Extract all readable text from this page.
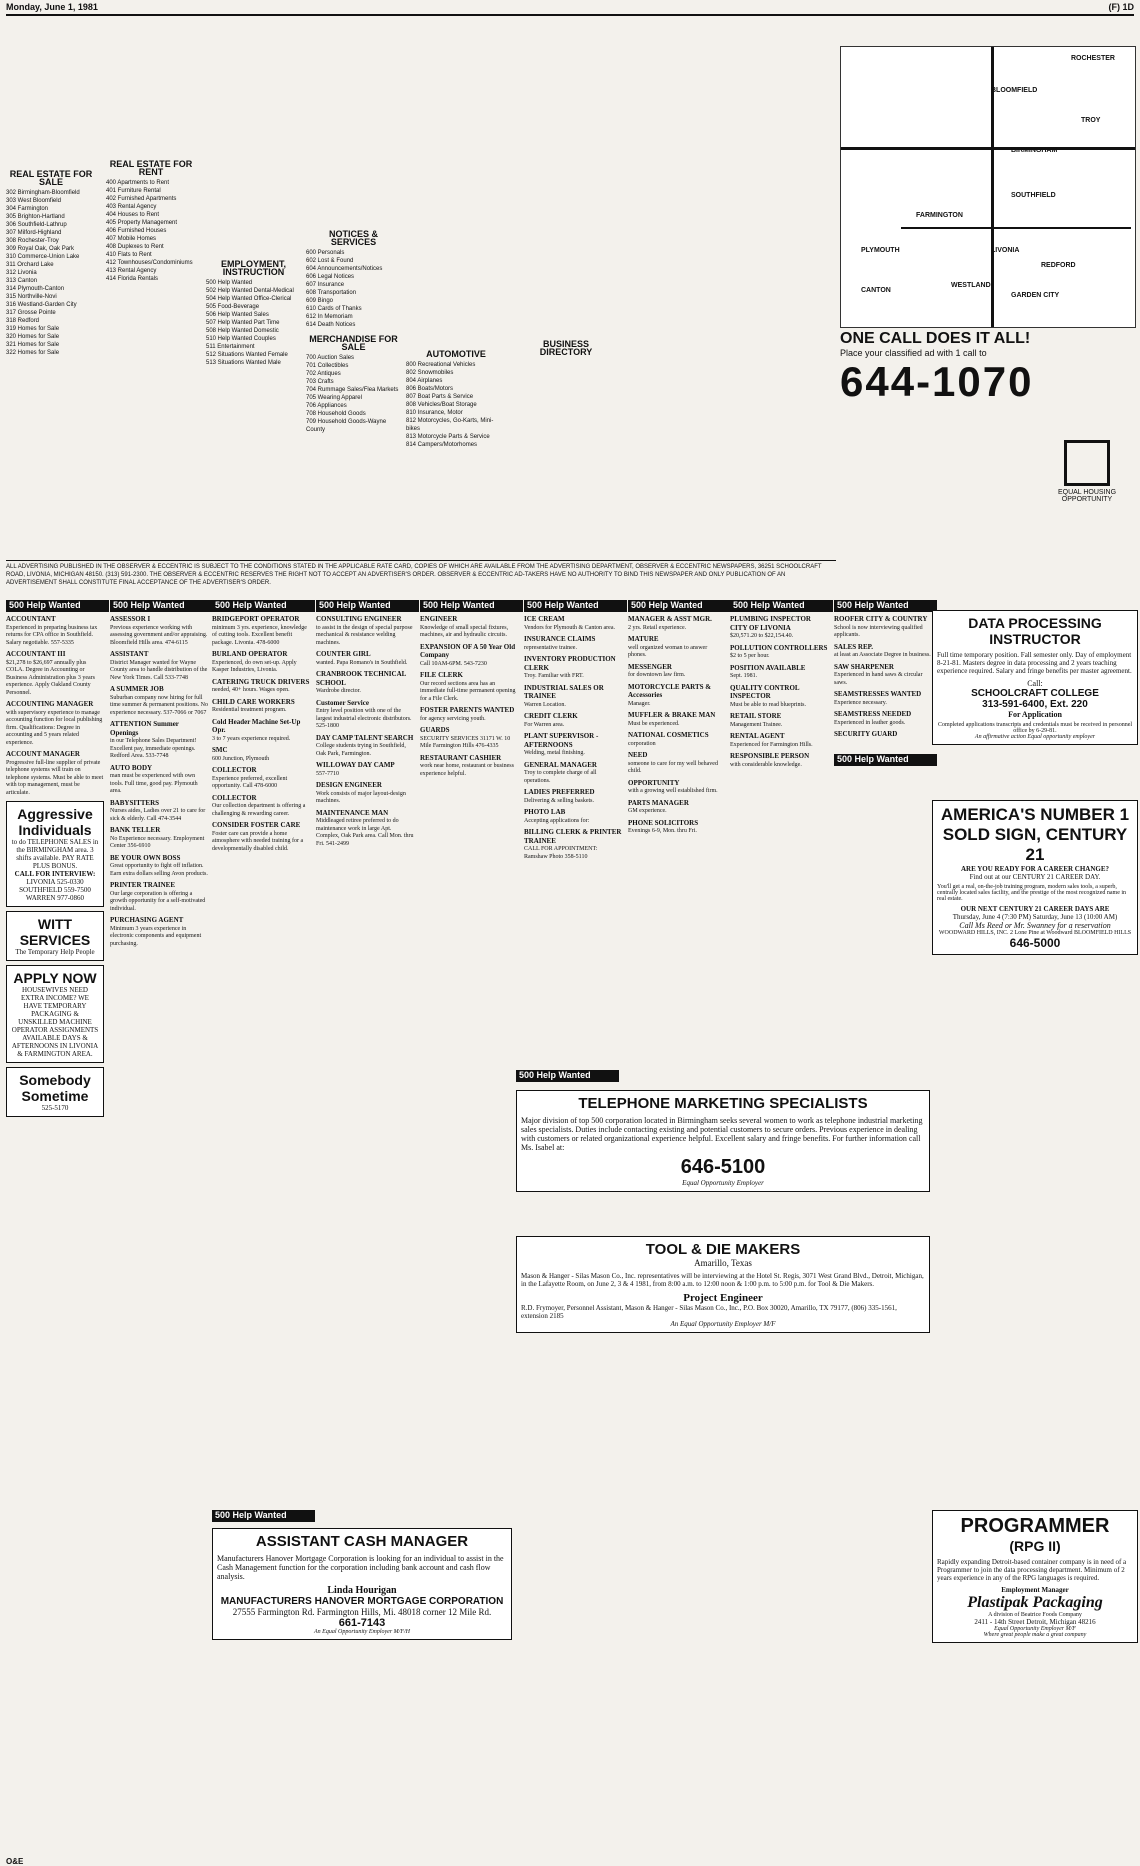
Monday, June 1, 1981	(F) 1D
REAL ESTATE FOR SALE
302 Birmingham-Bloomfield
303 West Bloomfield
304 Farmington
305 Brighton-Hartland
306 Southfield-Lathrup
307 Milford-Highland
308 Rochester-Troy
309 Royal Oak, Oak Park
310 Commerce-Union Lake
311 Orchard Lake
312 Livonia
313 Canton
314 Plymouth-Canton
315 Northville-Novi
316 Westland-Garden City
317 Grosse Pointe
318 Redford
319 Homes for Sale
320 Homes for Sale
321 Homes for Sale
322 Homes for Sale
REAL ESTATE FOR RENT
400 Apartments to Rent
401 Furniture Rental
402 Furnished Apartments
403 Rental Agency
404 Houses to Rent
405 Property Management
406 Furnished Houses
407 Mobile Homes
408 Duplexes to Rent
410 Flats to Rent
412 Townhouses/Condominiums
413 Rental Agency
414 Florida Rentals
EMPLOYMENT, INSTRUCTION
500 Help Wanted
502 Help Wanted Dental-Medical
504 Help Wanted Office-Clerical
505 Food-Beverage
506 Help Wanted Sales
507 Help Wanted Part Time
508 Help Wanted Domestic
510 Help Wanted Couples
511 Entertainment
512 Situations Wanted Female
513 Situations Wanted Male
NOTICES & SERVICES
600 Personals
602 Lost & Found
604 Announcements/Notices
606 Legal Notices
607 Insurance
608 Transportation
609 Bingo
610 Cards of Thanks
612 In Memoriam
614 Death Notices
MERCHANDISE FOR SALE
700 Auction Sales
701 Collectibles
702 Antiques
703 Crafts
704 Rummage Sales/Flea Markets
705 Wearing Apparel
706 Appliances
708 Household Goods
709 Household Goods-Wayne County
AUTOMOTIVE
800 Recreational Vehicles
802 Snowmobiles
804 Airplanes
806 Boats/Motors
807 Boat Parts & Service
808 Vehicles/Boat Storage
810 Insurance, Motor
812 Motorcycles, Go-Karts, Mini-bikes
813 Motorcycle Parts & Service
814 Campers/Motorhomes
BUSINESS DIRECTORY
ROCHESTER
BLOOMFIELD
TROY
BIRMINGHAM
SOUTHFIELD
FARMINGTON
LIVONIA
PLYMOUTH
REDFORD
WESTLAND
CANTON
GARDEN CITY
ONE CALL DOES IT ALL!
Place your classified ad with 1 call to
644-1070
EQUAL HOUSING OPPORTUNITY
ALL ADVERTISING PUBLISHED IN THE OBSERVER & ECCENTRIC IS SUBJECT TO THE CONDITIONS STATED IN THE APPLICABLE RATE CARD, COPIES OF WHICH ARE AVAILABLE FROM THE ADVERTISING DEPARTMENT, OBSERVER & ECCENTRIC NEWSPAPERS, 36251 SCHOOLCRAFT ROAD, LIVONIA, MICHIGAN 48150. (313) 591-2300. THE OBSERVER & ECCENTRIC RESERVES THE RIGHT NOT TO ACCEPT AN ADVERTISER'S ORDER. OBSERVER & ECCENTRIC AD-TAKERS HAVE NO AUTHORITY TO BIND THIS NEWSPAPER AND ONLY PUBLICATION OF AN ADVERTISEMENT SHALL CONSTITUTE FINAL ACCEPTANCE OF THE ADVERTISER'S ORDER.
500 Help Wanted	500 Help Wanted	500 Help Wanted	500 Help Wanted	500 Help Wanted	500 Help Wanted	500 Help Wanted	500 Help Wanted	500 Help Wanted
500 Help Wanted
500 Help Wanted
500 Help Wanted
ACCOUNTANT
Experienced in preparing business tax returns for CPA office in Southfield. Salary negotiable. 557-5335
ACCOUNTANT III
$21,278 to $26,697 annually plus COLA. Degree in Accounting or Business Administration plus 3 years experience. Apply Oakland County Personnel.
ACCOUNTING MANAGER
with supervisory experience to manage accounting function for local publishing firm. Qualifications: Degree in accounting and 5 years related experience.
ACCOUNT MANAGER
Progressive full-line supplier of private telephone systems will train on telephone systems. Must be able to meet with top management, must be articulate.
Aggressive Individuals
to do TELEPHONE SALES in the BIRMINGHAM area. 3 shifts available. PAY RATE PLUS BONUS.
CALL FOR INTERVIEW:
LIVONIA 525-0330
SOUTHFIELD 559-7500
WARREN 977-0860
WITT SERVICES
The Temporary Help People
APPLY NOW
HOUSEWIVES NEED EXTRA INCOME? WE HAVE TEMPORARY PACKAGING & UNSKILLED MACHINE OPERATOR ASSIGNMENTS AVAILABLE DAYS & AFTERNOONS IN LIVONIA & FARMINGTON AREA.
Somebody Sometime
525-5170
ASSESSOR I
Previous experience working with assessing government and/or appraising. Bloomfield Hills area. 474-6115
ASSISTANT
District Manager wanted for Wayne County area to handle distribution of the New York Times. Call 533-7748
A SUMMER JOB
Suburban company now hiring for full time summer & permanent positions. No experience necessary. 537-7066 or 7067
ATTENTION Summer Openings
in our Telephone Sales Department! Excellent pay, immediate openings. Redford Area. 533-7748
AUTO BODY
man must be experienced with own tools. Full time, good pay. Plymouth area.
BABYSITTERS
Nurses aides, Ladies over 21 to care for sick & elderly. Call 474-3544
BANK TELLER
No Experience necessary. Employment Center 356-6910
BE YOUR OWN BOSS
Great opportunity to fight off inflation. Earn extra dollars selling Avon products.
PRINTER TRAINEE
Our large corporation is offering a growth opportunity for a self-motivated individual.
PURCHASING AGENT
Minimum 3 years experience in electronic components and equipment purchasing.
BRIDGEPORT OPERATOR
minimum 3 yrs. experience, knowledge of cutting tools. Excellent benefit package. Livonia. 478-6000
BURLAND OPERATOR
Experienced, do own set-up. Apply Kasper Industries, Livonia.
CATERING TRUCK DRIVERS
needed, 40+ hours. Wages open.
CHILD CARE WORKERS
Residential treatment program.
Cold Header Machine Set-Up Opr.
3 to 7 years experience required.
SMC
600 Junction, Plymouth
COLLECTOR
Experience preferred, excellent opportunity. Call 478-6000
COLLECTOR
Our collection department is offering a challenging & rewarding career.
CONSIDER FOSTER CARE
Foster care can provide a home atmosphere with needed training for a developmentally disabled child.
CONSULTING ENGINEER
to assist in the design of special purpose mechanical & resistance welding machines.
COUNTER GIRL
wanted. Papa Romano's in Southfield.
CRANBROOK TECHNICAL SCHOOL
Wardrobe director.
Customer Service
Entry level position with one of the largest industrial electronic distributors. 525-1800
DAY CAMP TALENT SEARCH
College students trying in Southfield, Oak Park, Farmington.
WILLOWAY DAY CAMP
557-7710
DESIGN ENGINEER
Work consists of major layout-design machines.
MAINTENANCE MAN
Middleaged retiree preferred to do maintenance work in large Apt. Complex, Oak Park area. Call Mon. thru Fri. 541-2499
ENGINEER
Knowledge of small special fixtures, machines, air and hydraulic circuits.
EXPANSION OF A 50 Year Old Company
Call 10AM-6PM. 543-7230
FILE CLERK
Our record sections area has an immediate full-time permanent opening for a File Clerk.
FOSTER PARENTS WANTED
for agency servicing youth.
GUARDS
SECURITY SERVICES 31171 W. 10 Mile Farmington Hills 476-4335
RESTAURANT CASHIER
work near home, restaurant or business experience helpful.
ICE CREAM
Vendors for Plymouth & Canton area.
INSURANCE CLAIMS
representative trainee.
INVENTORY PRODUCTION CLERK
Troy. Familiar with FRT.
INDUSTRIAL SALES OR TRAINEE
Warren Location.
CREDIT CLERK
For Warren area.
PLANT SUPERVISOR - AFTERNOONS
Welding, metal finishing.
GENERAL MANAGER
Troy to complete charge of all operations.
LADIES PREFERRED
Delivering & selling baskets.
PHOTO LAB
Accepting applications for:
BILLING CLERK & PRINTER TRAINEE
CALL FOR APPOINTMENT: Ramshaw Photo 358-5110
MANAGER & ASST MGR.
2 yrs. Retail experience.
MATURE
well organized woman to answer phones.
MESSENGER
for downtown law firm.
MOTORCYCLE PARTS & Accessories
Manager.
MUFFLER & BRAKE MAN
Must be experienced.
NATIONAL COSMETICS
corporation
NEED
someone to care for my well behaved child.
OPPORTUNITY
with a growing well established firm.
PARTS MANAGER
GM experience.
PHONE SOLICITORS
Evenings 6-9, Mon. thru Fri.
PLUMBING INSPECTOR CITY OF LIVONIA
$20,571.20 to $22,154.40.
POLLUTION CONTROLLERS
$2 to 5 per hour.
POSITION AVAILABLE
Sept. 1981.
QUALITY CONTROL INSPECTOR
Must be able to read blueprints.
RETAIL STORE
Management Trainee.
RENTAL AGENT
Experienced for Farmington Hills.
RESPONSIBLE PERSON
with considerable knowledge.
ROOFER CITY & COUNTRY
School is now interviewing qualified applicants.
SALES REP.
at least an Associate Degree in business.
SAW SHARPENER
Experienced in hand saws & circular saws.
SEAMSTRESSES WANTED
Experience necessary.
SEAMSTRESS NEEDED
Experienced in leather goods.
SECURITY GUARD
DATA PROCESSING INSTRUCTOR
Full time temporary position. Fall semester only. Day of employment 8-21-81. Masters degree in data processing and 2 years teaching experience required. Salary and fringe benefits per master agreement.
Call:
SCHOOLCRAFT COLLEGE
313-591-6400, Ext. 220
For Application
Completed applications transcripts and credentials must be received in personnel office by 6-29-81.
An affirmative action Equal opportunity employer
AMERICA'S NUMBER 1
SOLD SIGN, CENTURY 21
ARE YOU READY FOR A CAREER CHANGE?
Find out at our CENTURY 21 CAREER DAY.
You'll get a real, on-the-job training program, modern sales tools, a superb, centrally located sales facility, and the prestige of the most recognized name in real estate.
OUR NEXT CENTURY 21 CAREER DAYS ARE
Thursday, June 4 (7:30 PM) Saturday, June 13 (10:00 AM)
Call Ms Reed or Mr. Swanney for a reservation
WOODWARD HILLS, INC. 2 Lone Pine at Woodward BLOOMFIELD HILLS
646-5000
TELEPHONE MARKETING SPECIALISTS
Major division of top 500 corporation located in Birmingham seeks several women to work as telephone industrial marketing sales specialists. Duties include contacting existing and potential customers to secure orders. Previous experience in dealing with customers or related organizational experience helpful. Excellent salary and fringe benefits. For further information call Ms. Isabel at:
646-5100
Equal Opportunity Employer
TOOL & DIE MAKERS
Amarillo, Texas
Mason & Hanger - Silas Mason Co., Inc. representatives will be interviewing at the Hotel St. Regis, 3071 West Grand Blvd., Detroit, Michigan, in the Lafayette Room, on June 2, 3 & 4 1981, from 8:00 a.m. to 12:00 noon & 1:00 p.m. to 5:00 p.m. for Tool & Die Makers.
Project Engineer
R.D. Frymoyer, Personnel Assistant, Mason & Hanger - Silas Mason Co., Inc., P.O. Box 30020, Amarillo, TX 79177, (806) 335-1561, extension 2185
An Equal Opportunity Employer M/F
ASSISTANT CASH MANAGER
Manufacturers Hanover Mortgage Corporation is looking for an individual to assist in the Cash Management function for the corporation including bank account and cash flow analysis.
Linda Hourigan
MANUFACTURERS HANOVER MORTGAGE CORPORATION
27555 Farmington Rd. Farmington Hills, Mi. 48018 corner 12 Mile Rd.
661-7143
An Equal Opportunity Employer M/F/H
PROGRAMMER
(RPG II)
Rapidly expanding Detroit-based container company is in need of a Programmer to join the data processing department. Minimum of 2 years experience in any of the RPG languages is required.
Employment Manager
Plastipak Packaging
A division of Beatrice Foods Company
2411 - 14th Street Detroit, Michigan 48216
Equal Opportunity Employer M/F
Where great people make a great company
O&E
